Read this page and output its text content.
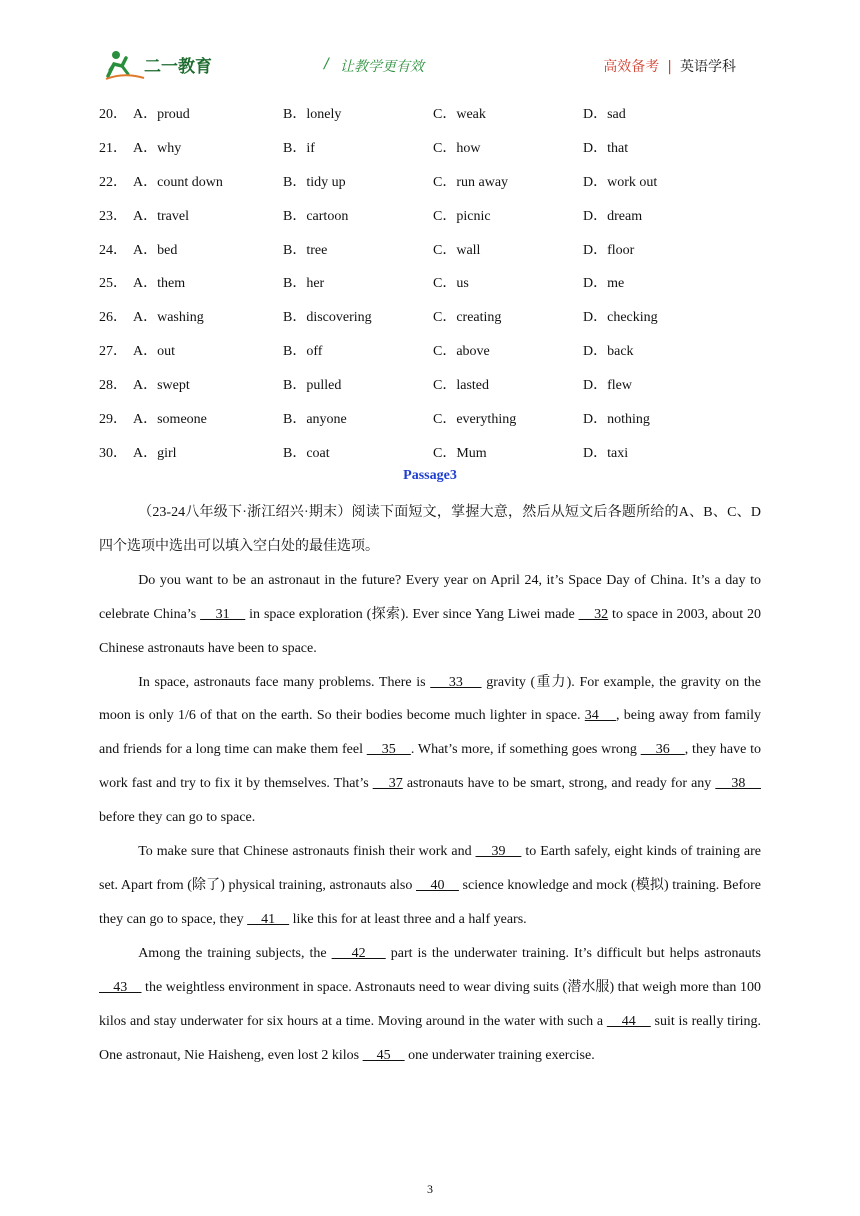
二一教育	/ 让教学更有效	高效备考 | 英语学科
20．	A．proud	B．lonely	C．weak	D．sad
21．	A．why	B．if	C．how	D．that
22．	A．count down	B．tidy up	C．run away	D．work out
23．	A．travel	B．cartoon	C．picnic	D．dream
24．	A．bed	B．tree	C．wall	D．floor
25．	A．them	B．her	C．us	D．me
26．	A．washing	B．discovering	C．creating	D．checking
27．	A．out	B．off	C．above	D．back
28．	A．swept	B．pulled	C．lasted	D．flew
29．	A．someone	B．anyone	C．everything	D．nothing
30．	A．girl	B．coat	C．Mum	D．taxi
Passage3

（23-24八年级下·浙江绍兴·期末）阅读下面短文，掌握大意，然后从短文后各题所给的A、B、C、D四个选项中选出可以填入空白处的最佳选项。

Do you want to be an astronaut in the future? Every year on April 24, it’s Space Day of China. It’s a day to celebrate China’s     31     in space exploration (探索). Ever since Yang Liwei made     32 to space in 2003, about 20 Chinese astronauts have been to space.

In space, astronauts face many problems. There is     33     gravity (重力). For example, the gravity on the moon is only 1/6 of that on the earth. So their bodies become much lighter in space. 34    , being away from family and friends for a long time can make them feel     35    . What’s more, if something goes wrong     36    , they have to work fast and try to fix it by themselves. That’s     37 astronauts have to be smart, strong, and ready for any     38     before they can go to space.

To make sure that Chinese astronauts finish their work and     39     to Earth safely, eight kinds of training are set. Apart from (除了) physical training, astronauts also     40     science knowledge and mock (模拟) training. Before they can go to space, they     41     like this for at least three and a half years.

Among the training subjects, the     42     part is the underwater training. It’s difficult but helps astronauts     43     the weightless environment in space. Astronauts need to wear diving suits (潜水服) that weigh more than 100 kilos and stay underwater for six hours at a time. Moving around in the water with such a     44     suit is really tiring. One astronaut, Nie Haisheng, even lost 2 kilos     45     one underwater training exercise.

3
